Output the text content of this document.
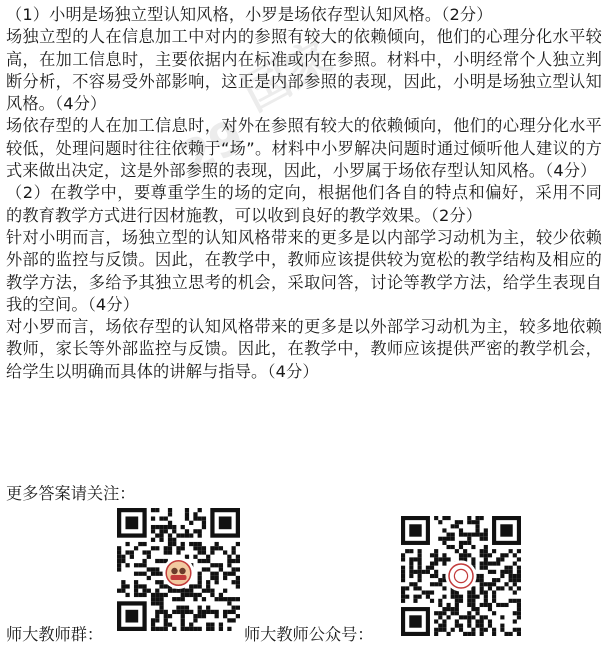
国家
29

（1）小明是场独立型认知风格，小罗是场依存型认知风格。（2分）

场独立型的人在信息加工中对内的参照有较大的依赖倾向，他们的心理分化水平较高，在加工信息时，主要依据内在标准或内在参照。材料中，小明经常个人独立判断分析，不容易受外部影响，这正是内部参照的表现，因此，小明是场独立型认知风格。（4分）

场依存型的人在加工信息时，对外在参照有较大的依赖倾向，他们的心理分化水平较低，处理问题时往往依赖于“场”。材料中小罗解决问题时通过倾听他人建议的方式来做出决定，这是外部参照的表现，因此，小罗属于场依存型认知风格。（4分）

（2）在教学中，要尊重学生的场的定向，根据他们各自的特点和偏好，采用不同的教育教学方式进行因材施教，可以收到良好的教学效果。（2分）

针对小明而言，场独立型的认知风格带来的更多是以内部学习动机为主，较少依赖外部的监控与反馈。因此，在教学中，教师应该提供较为宽松的教学结构及相应的教学方法，多给予其独立思考的机会，采取问答，讨论等教学方法，给学生表现自我的空间。（4分）

对小罗而言，场依存型的认知风格带来的更多是以外部学习动机为主，较多地依赖教师，家长等外部监控与反馈。因此，在教学中，教师应该提供严密的教学机会，给学生以明确而具体的讲解与指导。（4分）

更多答案请关注：

师大教师群：	师大教师公众号：
